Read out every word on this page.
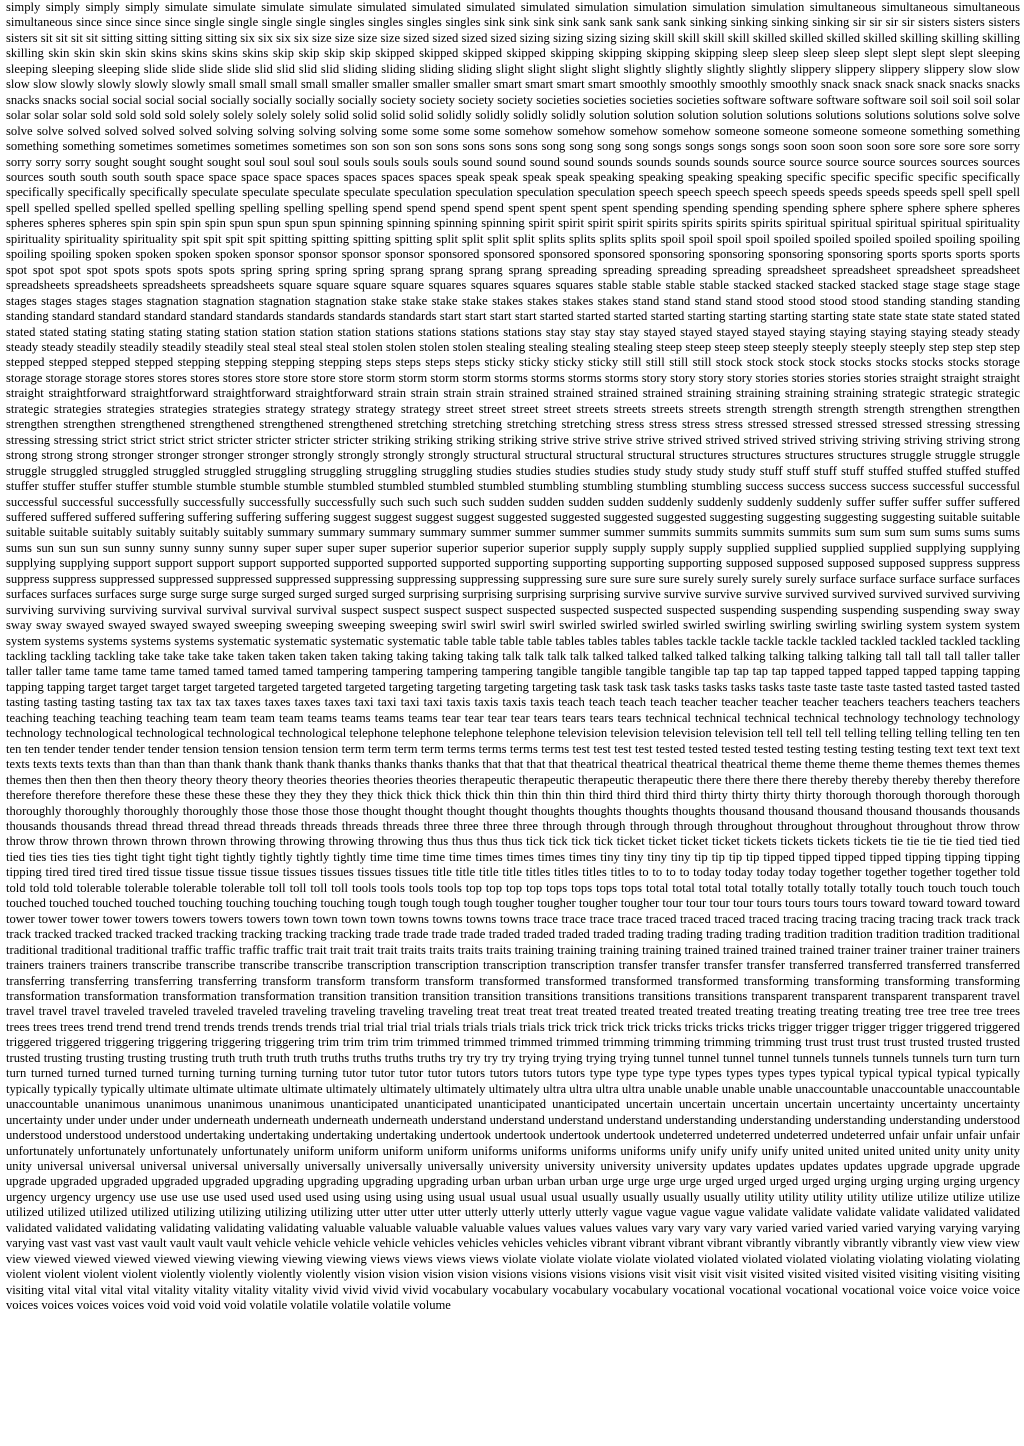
simply simply simply simply simulate simulate simulate simulate simulated simulated simulated simulated simulation simulation simulation simulation simultaneous simultaneous simultaneous simultaneous since since since since single single single single singles singles singles singles sink sink sink sink sank sank sank sank sinking sinking sinking sinking sir sir sir sir sisters sisters sisters sisters sit sit sit sit sitting sitting sitting sitting six six six six size size size size sized sized sized sized sizing sizing sizing sizing skill skill skill skill skilled skilled skilled skilled skilling skilling skilling skilling skin skin skin skin skins skins skins skins skip skip skip skip skipped skipped skipped skipped skipping skipping skipping skipping sleep sleep sleep sleep slept slept slept slept sleeping sleeping sleeping sleeping slide slide slide slide slid slid slid slid sliding sliding sliding sliding slight slight slight slight slightly slightly slightly slightly slippery slippery slippery slippery slow slow slow slow slowly slowly slowly slowly small small small small smaller smaller smaller smaller smart smart smart smart smoothly smoothly smoothly smoothly snack snack snack snack snacks snacks snacks snacks social social social social socially socially socially socially society society society society societies societies societies societies software software software software soil soil soil soil solar solar solar solar sold sold sold sold solely solely solely solely solid solid solid solid solidly solidly solidly solidly solution solution solution solution solutions solutions solutions solutions solve solve solve solve solved solved solved solved solving solving solving solving some some some some somehow somehow somehow somehow someone someone someone someone something something something something sometimes sometimes sometimes sometimes son son son son sons sons sons sons song song song song songs songs songs songs soon soon soon soon sore sore sore sore sorry sorry sorry sorry sought sought sought sought soul soul soul soul souls souls souls souls sound sound sound sound sounds sounds sounds sounds source source source source sources sources sources sources south south south south space space space space spaces spaces spaces spaces speak speak speak speak speaking speaking speaking speaking specific specific specific specific specifically specifically specifically specifically speculate speculate speculate speculate speculation speculation speculation speculation speech speech speech speech speeds speeds speeds speeds spell spell spell spell spelled spelled spelled spelled spelling spelling spelling spelling spend spend spend spend spent spent spent spent spending spending spending spending sphere sphere sphere sphere spheres spheres spheres spheres spin spin spin spin spun spun spun spun spinning spinning spinning spinning spirit spirit spirit spirit spirits spirits spirits spirits spiritual spiritual spiritual spiritual spirituality spirituality spirituality spirituality spit spit spit spit spitting spitting spitting spitting split split split split splits splits splits splits spoil spoil spoil spoil spoiled spoiled spoiled spoiled spoiling spoiling spoiling spoiling spoken spoken spoken spoken sponsor sponsor sponsor sponsor sponsored sponsored sponsored sponsored sponsoring sponsoring sponsoring sponsoring sports sports sports sports spot spot spot spot spots spots spots spots spring spring spring spring sprang sprang sprang sprang spreading spreading spreading spreading spreadsheet spreadsheet spreadsheet spreadsheet spreadsheets spreadsheets spreadsheets spreadsheets square square square square squares squares squares squares stable stable stable stable stacked stacked stacked stacked stage stage stage stage stages stages stages stages stagnation stagnation stagnation stagnation stake stake stake stake stakes stakes stakes stakes stand stand stand stand stood stood stood stood standing standing standing standing standard standard standard standard standards standards standards standards start start start start started started started started starting starting starting starting state state state state stated stated stated stated stating stating stating stating station station station station stations stations stations stations stay stay stay stay stayed stayed stayed stayed staying staying staying staying steady steady steady steady steadily steadily steadily steadily steal steal steal steal stolen stolen stolen stolen stealing stealing stealing stealing steep steep steep steep steeply steeply steeply steeply step step step step stepped stepped stepped stepped stepping stepping stepping stepping steps steps steps steps sticky sticky sticky sticky still still still still stock stock stock stock stocks stocks stocks stocks storage storage storage storage stores stores stores stores store store store store storm storm storm storm storms storms storms storms story story story story stories stories stories stories straight straight straight straight straightforward straightforward straightforward straightforward strain strain strain strain strained strained strained strained straining straining straining straining strategic strategic strategic strategic strategies strategies strategies strategies strategy strategy strategy strategy street street street street streets streets streets streets strength strength strength strength strengthen strengthen strengthen strengthen strengthened strengthened strengthened strengthened stretching stretching stretching stretching stress stress stress stress stressed stressed stressed stressed stressing stressing stressing stressing strict strict strict strict stricter stricter stricter stricter striking striking striking striking strive strive strive strive strived strived strived strived striving striving striving striving strong strong strong strong stronger stronger stronger stronger strongly strongly strongly strongly structural structural structural structural structures structures structures structures struggle struggle struggle struggle struggled struggled struggled struggled struggling struggling struggling struggling studies studies studies studies study study study study stuff stuff stuff stuff stuffed stuffed stuffed stuffed stuffer stuffer stuffer stuffer stumble stumble stumble stumble stumbled stumbled stumbled stumbled stumbling stumbling stumbling stumbling success success success success successful successful successful successful successfully successfully successfully successfully such such such such sudden sudden sudden sudden suddenly suddenly suddenly suddenly suffer suffer suffer suffer suffered suffered suffered suffered suffering suffering suffering suffering suggest suggest suggest suggest suggested suggested suggested suggested suggesting suggesting suggesting suggesting suitable suitable suitable suitable suitably suitably suitably suitably summary summary summary summary summer summer summer summer summits summits summits summits sum sum sum sum sums sums sums sums sun sun sun sun sunny sunny sunny sunny super super super super superior superior superior superior supply supply supply supply supplied supplied supplied supplied supplying supplying supplying supplying support support support support supported supported supported supported supporting supporting supporting supporting supposed supposed supposed supposed suppress suppress suppress suppress suppressed suppressed suppressed suppressed suppressing suppressing suppressing suppressing sure sure sure sure surely surely surely surely surface surface surface surface surfaces surfaces surfaces surfaces surge surge surge surge surged surged surged surged surprising surprising surprising surprising survive survive survive survive survived survived survived survived surviving surviving surviving surviving survival survival survival survival suspect suspect suspect suspect suspected suspected suspected suspected suspending suspending suspending suspending sway sway sway sway swayed swayed swayed swayed sweeping sweeping sweeping sweeping swirl swirl swirl swirl swirled swirled swirled swirled swirling swirling swirling swirling system system system system systems systems systems systems systematic systematic systematic systematic table table table table tables tables tables tables tackle tackle tackle tackle tackled tackled tackled tackled tackling tackling tackling tackling take take take take taken taken taken taken taking taking taking taking talk talk talk talk talked talked talked talked talking talking talking talking tall tall tall tall taller taller taller taller tame tame tame tame tamed tamed tamed tamed tampering tampering tampering tampering tangible tangible tangible tangible tap tap tap tap tapped tapped tapped tapped tapping tapping tapping tapping target target target target targeted targeted targeted targeted targeting targeting targeting targeting task task task task tasks tasks tasks tasks taste taste taste taste tasted tasted tasted tasted tasting tasting tasting tasting tax tax tax tax taxes taxes taxes taxes taxi taxi taxi taxi taxis taxis taxis taxis teach teach teach teach teacher teacher teacher teacher teachers teachers teachers teachers teaching teaching teaching teaching team team team team teams teams teams teams tear tear tear tear tears tears tears tears technical technical technical technical technology technology technology technology technological technological technological technological telephone telephone telephone telephone television television television television tell tell tell tell telling telling telling telling ten ten ten ten tender tender tender tender tension tension tension tension term term term term terms terms terms terms test test test test tested tested tested tested testing testing testing testing text text text text texts texts texts texts than than than than thank thank thank thank thanks thanks thanks thanks that that that that theatrical theatrical theatrical theatrical theme theme theme theme themes themes themes themes then then then then theory theory theory theory theories theories theories theories therapeutic therapeutic therapeutic therapeutic there there there there thereby thereby thereby thereby therefore therefore therefore therefore these these these these they they they they thick thick thick thick thin thin thin thin third third third third thirty thirty thirty thirty thorough thorough thorough thorough thoroughly thoroughly thoroughly thoroughly those those those those thought thought thought thought thoughts thoughts thoughts thoughts thousand thousand thousand thousand thousands thousands thousands thousands thread thread thread thread threads threads threads threads three three three three through through through through throughout throughout throughout throughout throw throw throw throw thrown thrown thrown thrown throwing throwing throwing throwing thus thus thus thus tick tick tick tick ticket ticket ticket ticket tickets tickets tickets tickets tie tie tie tie tied tied tied tied ties ties ties ties tight tight tight tight tightly tightly tightly tightly time time time time times times times times tiny tiny tiny tiny tip tip tip tip tipped tipped tipped tipped tipping tipping tipping tipping tired tired tired tired tissue tissue tissue tissue tissues tissues tissues tissues title title title title titles titles titles titles to to to to today today today today together together together together told told told told tolerable tolerable tolerable tolerable toll toll toll toll tools tools tools tools top top top top tops tops tops tops total total total total totally totally totally totally touch touch touch touch touched touched touched touched touching touching touching touching tough tough tough tough tougher tougher tougher tougher tour tour tour tour tours tours tours tours toward toward toward toward tower tower tower tower towers towers towers towers town town town town towns towns towns towns trace trace trace trace traced traced traced traced tracing tracing tracing tracing track track track track tracked tracked tracked tracked tracking tracking tracking tracking trade trade trade trade traded traded traded traded trading trading trading trading tradition tradition tradition tradition traditional traditional traditional traditional traffic traffic traffic traffic trait trait trait trait traits traits traits traits training training training training trained trained trained trained trainer trainer trainer trainer trainers trainers trainers trainers transcribe transcribe transcribe transcribe transcription transcription transcription transcription transfer transfer transfer transfer transferred transferred transferred transferred transferring transferring transferring transferring transform transform transform transform transformed transformed transformed transformed transforming transforming transforming transforming transformation transformation transformation transformation transition transition transition transition transitions transitions transitions transitions transparent transparent transparent transparent travel travel travel travel traveled traveled traveled traveled traveling traveling traveling traveling treat treat treat treat treated treated treated treated treating treating treating treating tree tree tree tree trees trees trees trees trend trend trend trend trends trends trends trends trial trial trial trial trials trials trials trials trick trick trick trick tricks tricks tricks tricks trigger trigger trigger trigger triggered triggered triggered triggered triggering triggering triggering triggering trim trim trim trim trimmed trimmed trimmed trimmed trimming trimming trimming trimming trust trust trust trust trusted trusted trusted trusted trusting trusting trusting trusting truth truth truth truth truths truths truths truths try try try try trying trying trying trying tunnel tunnel tunnel tunnel tunnels tunnels tunnels tunnels turn turn turn turn turned turned turned turned turning turning turning turning tutor tutor tutor tutor tutors tutors tutors tutors type type type type types types types types typical typical typical typical typically typically typically typically ultimate ultimate ultimate ultimate ultimately ultimately ultimately ultimately ultra ultra ultra ultra unable unable unable unable unaccountable unaccountable unaccountable unaccountable unanimous unanimous unanimous unanimous unanticipated unanticipated unanticipated unanticipated uncertain uncertain uncertain uncertain uncertainty uncertainty uncertainty uncertainty under under under under underneath underneath underneath underneath understand understand understand understand understanding understanding understanding understanding understood understood understood understood undertaking undertaking undertaking undertaking undertook undertook undertook undertook undeterred undeterred undeterred undeterred unfair unfair unfair unfair unfortunately unfortunately unfortunately unfortunately uniform uniform uniform uniform uniforms uniforms uniforms uniforms unify unify unify unify united united united united unity unity unity unity universal universal universal universal universally universally universally universally university university university university updates updates updates updates upgrade upgrade upgrade upgrade upgraded upgraded upgraded upgraded upgrading upgrading upgrading upgrading urban urban urban urban urge urge urge urge urged urged urged urged urging urging urging urging urgency urgency urgency urgency use use use use used used used used using using using using usual usual usual usual usually usually usually usually utility utility utility utility utilize utilize utilize utilize utilized utilized utilized utilized utilizing utilizing utilizing utilizing utter utter utter utter utterly utterly utterly utterly vague vague vague vague validate validate validate validate validated validated validated validated validating validating validating validating valuable valuable valuable valuable values values values values vary vary vary vary varied varied varied varied varying varying varying varying vast vast vast vast vault vault vault vault vehicle vehicle vehicle vehicle vehicles vehicles vehicles vehicles vibrant vibrant vibrant vibrant vibrantly vibrantly vibrantly vibrantly view view view view viewed viewed viewed viewed viewing viewing viewing viewing views views views views violate violate violate violate violated violated violated violated violating violating violating violating violent violent violent violent violently violently violently violently vision vision vision vision visions visions visions visions visit visit visit visit visited visited visited visited visiting visiting visiting visiting vital vital vital vital vitality vitality vitality vitality vivid vivid vivid vivid vocabulary vocabulary vocabulary vocabulary vocational vocational vocational vocational voice voice voice voice voices voices voices voices void void void void volatile volatile volatile volatile volume
